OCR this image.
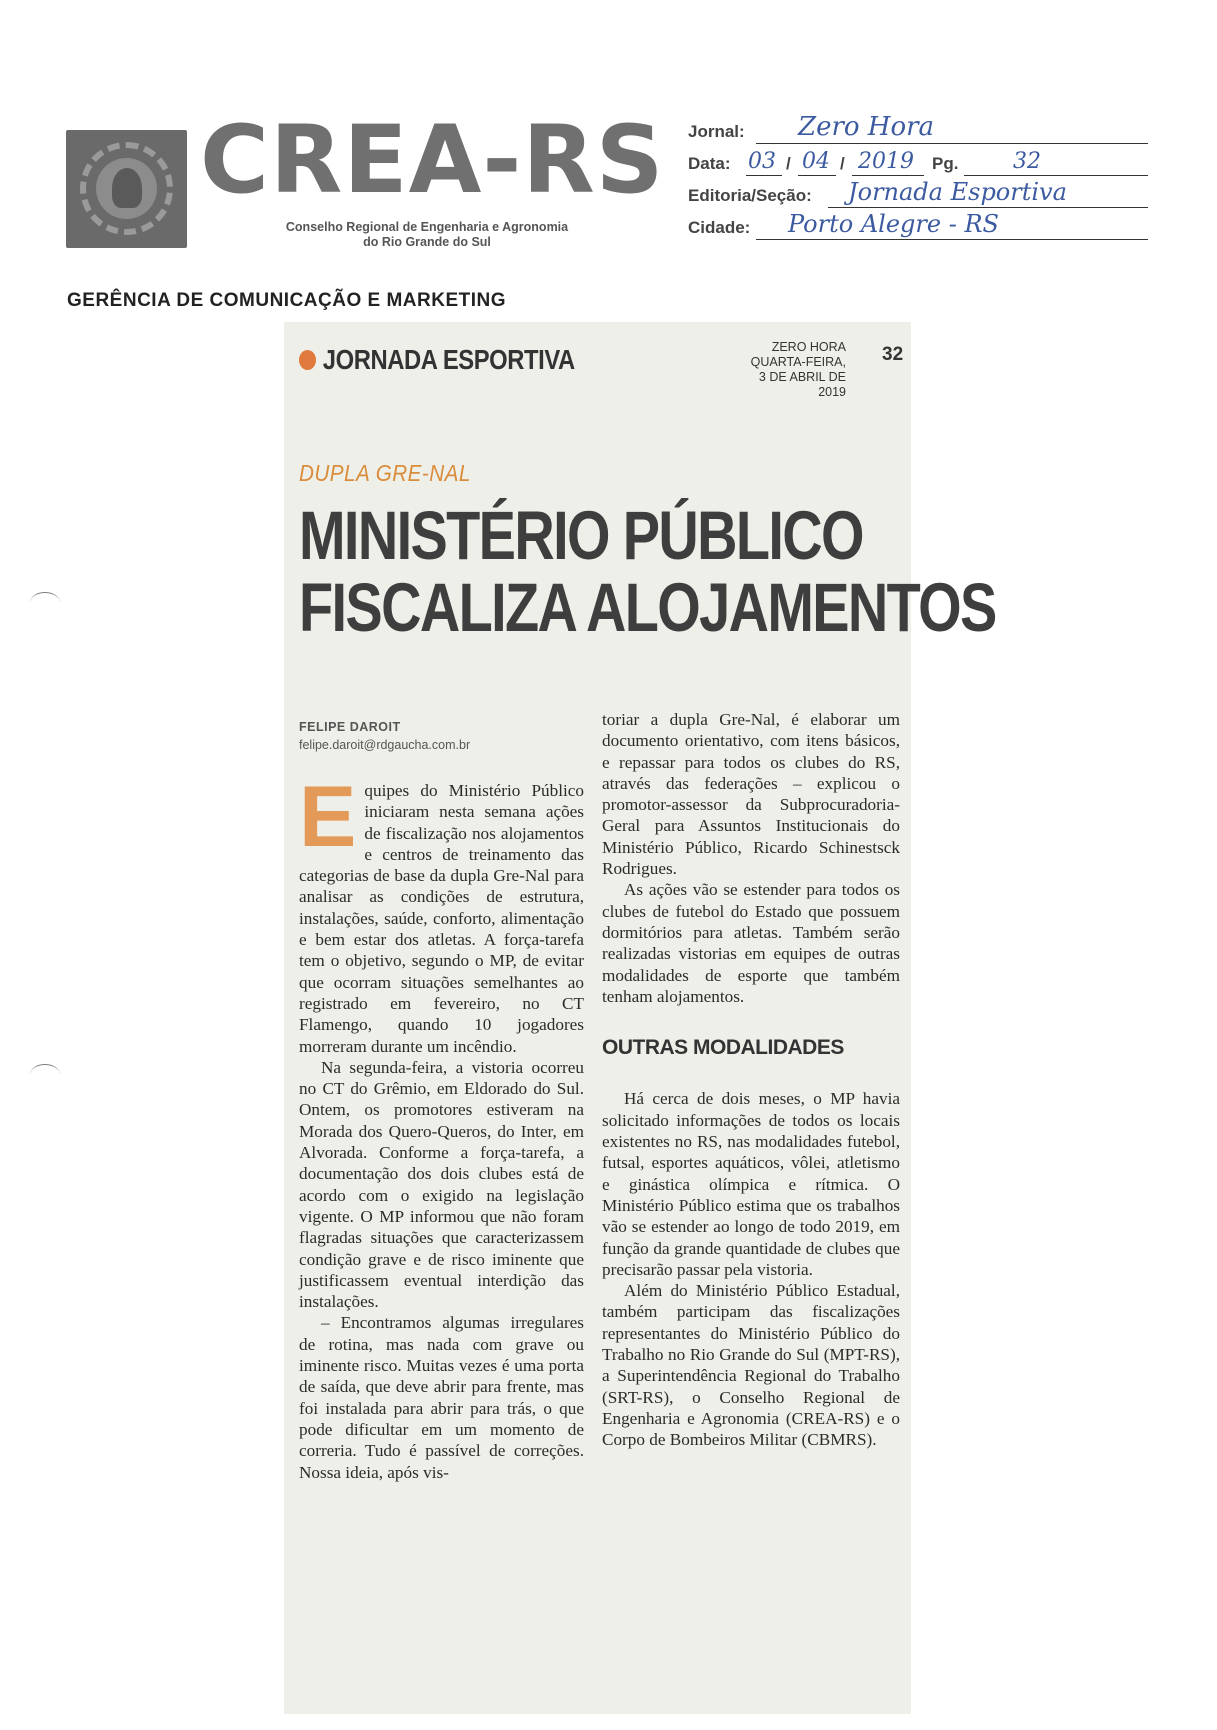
CREA-RS
Conselho Regional de Engenharia e Agronomia
do Rio Grande do Sul
Jornal: Zero Hora
Data: 03 / 04 / 2019 Pg. 32
Editoria/Seção: Jornada Esportiva
Cidade: Porto Alegre - RS
GERÊNCIA DE COMUNICAÇÃO E MARKETING
JORNADA ESPORTIVA	ZERO HORA
QUARTA-FEIRA,
3 DE ABRIL DE 2019
32
DUPLA GRE-NAL
MINISTÉRIO PÚBLICO
FISCALIZA ALOJAMENTOS
FELIPE DAROIT
felipe.daroit@rdgaucha.com.br

Equipes do Ministério Público iniciaram nesta semana ações de fiscalização nos alojamentos e centros de treinamento das categorias de base da dupla Gre-Nal para analisar as condições de estrutura, instalações, saúde, conforto, alimentação e bem estar dos atletas. A força-tarefa tem o objetivo, segundo o MP, de evitar que ocorram situações semelhantes ao registrado em fevereiro, no CT Flamengo, quando 10 jogadores morreram durante um incêndio.

Na segunda-feira, a vistoria ocorreu no CT do Grêmio, em Eldorado do Sul. Ontem, os promotores estiveram na Morada dos Quero-Queros, do Inter, em Alvorada. Conforme a força-tarefa, a documentação dos dois clubes está de acordo com o exigido na legislação vigente. O MP informou que não foram flagradas situações que caracterizassem condição grave e de risco iminente que justificassem eventual interdição das instalações.

– Encontramos algumas irregulares de rotina, mas nada com grave ou iminente risco. Muitas vezes é uma porta de saída, que deve abrir para frente, mas foi instalada para abrir para trás, o que pode dificultar em um momento de correria. Tudo é passível de correções. Nossa ideia, após vis-

toriar a dupla Gre-Nal, é elaborar um documento orientativo, com itens básicos, e repassar para todos os clubes do RS, através das federações – explicou o promotor-assessor da Subprocuradoria-Geral para Assuntos Institucionais do Ministério Público, Ricardo Schinestsck Rodrigues.

As ações vão se estender para todos os clubes de futebol do Estado que possuem dormitórios para atletas. Também serão realizadas vistorias em equipes de outras modalidades de esporte que também tenham alojamentos.

OUTRAS MODALIDADES

Há cerca de dois meses, o MP havia solicitado informações de todos os locais existentes no RS, nas modalidades futebol, futsal, esportes aquáticos, vôlei, atletismo e ginástica olímpica e rítmica. O Ministério Público estima que os trabalhos vão se estender ao longo de todo 2019, em função da grande quantidade de clubes que precisarão passar pela vistoria.

Além do Ministério Público Estadual, também participam das fiscalizações representantes do Ministério Público do Trabalho no Rio Grande do Sul (MPT-RS), a Superintendência Regional do Trabalho (SRT-RS), o Conselho Regional de Engenharia e Agronomia (CREA-RS) e o Corpo de Bombeiros Militar (CBMRS).
